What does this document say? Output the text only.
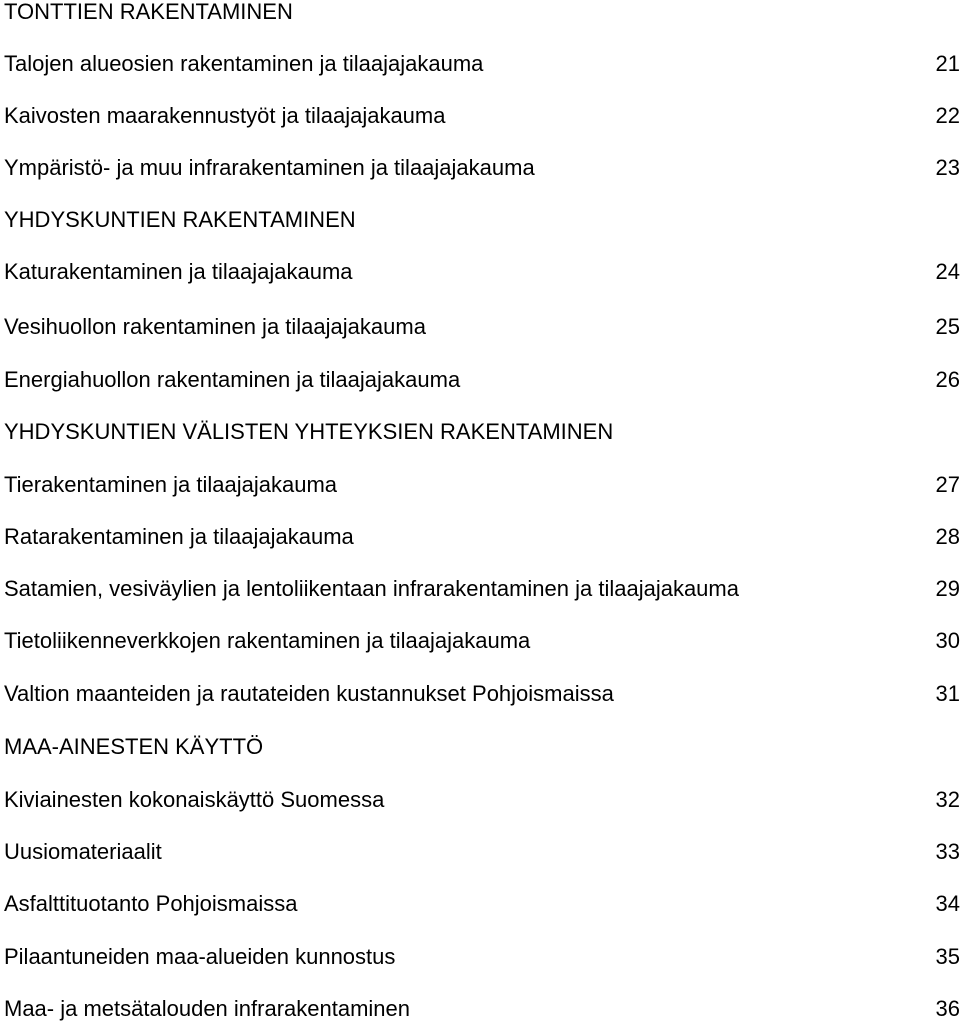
TONTTIEN RAKENTAMINEN
Talojen alueosien rakentaminen ja tilaajajakauma	21
Kaivosten maarakennustyöt ja tilaajajakauma	22
Ympäristö- ja muu infrarakentaminen ja tilaajajakauma	23
YHDYSKUNTIEN RAKENTAMINEN
Katurakentaminen ja tilaajajakauma	24
Vesihuollon rakentaminen ja tilaajajakauma	25
Energiahuollon rakentaminen ja tilaajajakauma	26
YHDYSKUNTIEN VÄLISTEN YHTEYKSIEN RAKENTAMINEN
Tierakentaminen ja tilaajajakauma	27
Ratarakentaminen ja tilaajajakauma	28
Satamien, vesiväylien ja lentoliikentaan infrarakentaminen ja tilaajajakauma	29
Tietoliikenneverkkojen rakentaminen ja tilaajajakauma	30
Valtion maanteiden ja rautateiden kustannukset Pohjoismaissa	31
MAA-AINESTEN KÄYTTÖ
Kiviainesten kokonaiskäyttö Suomessa	32
Uusiomateriaalit	33
Asfalttituotanto Pohjoismaissa	34
Pilaantuneiden maa-alueiden kunnostus	35
Maa- ja metsätalouden infrarakentaminen	36
